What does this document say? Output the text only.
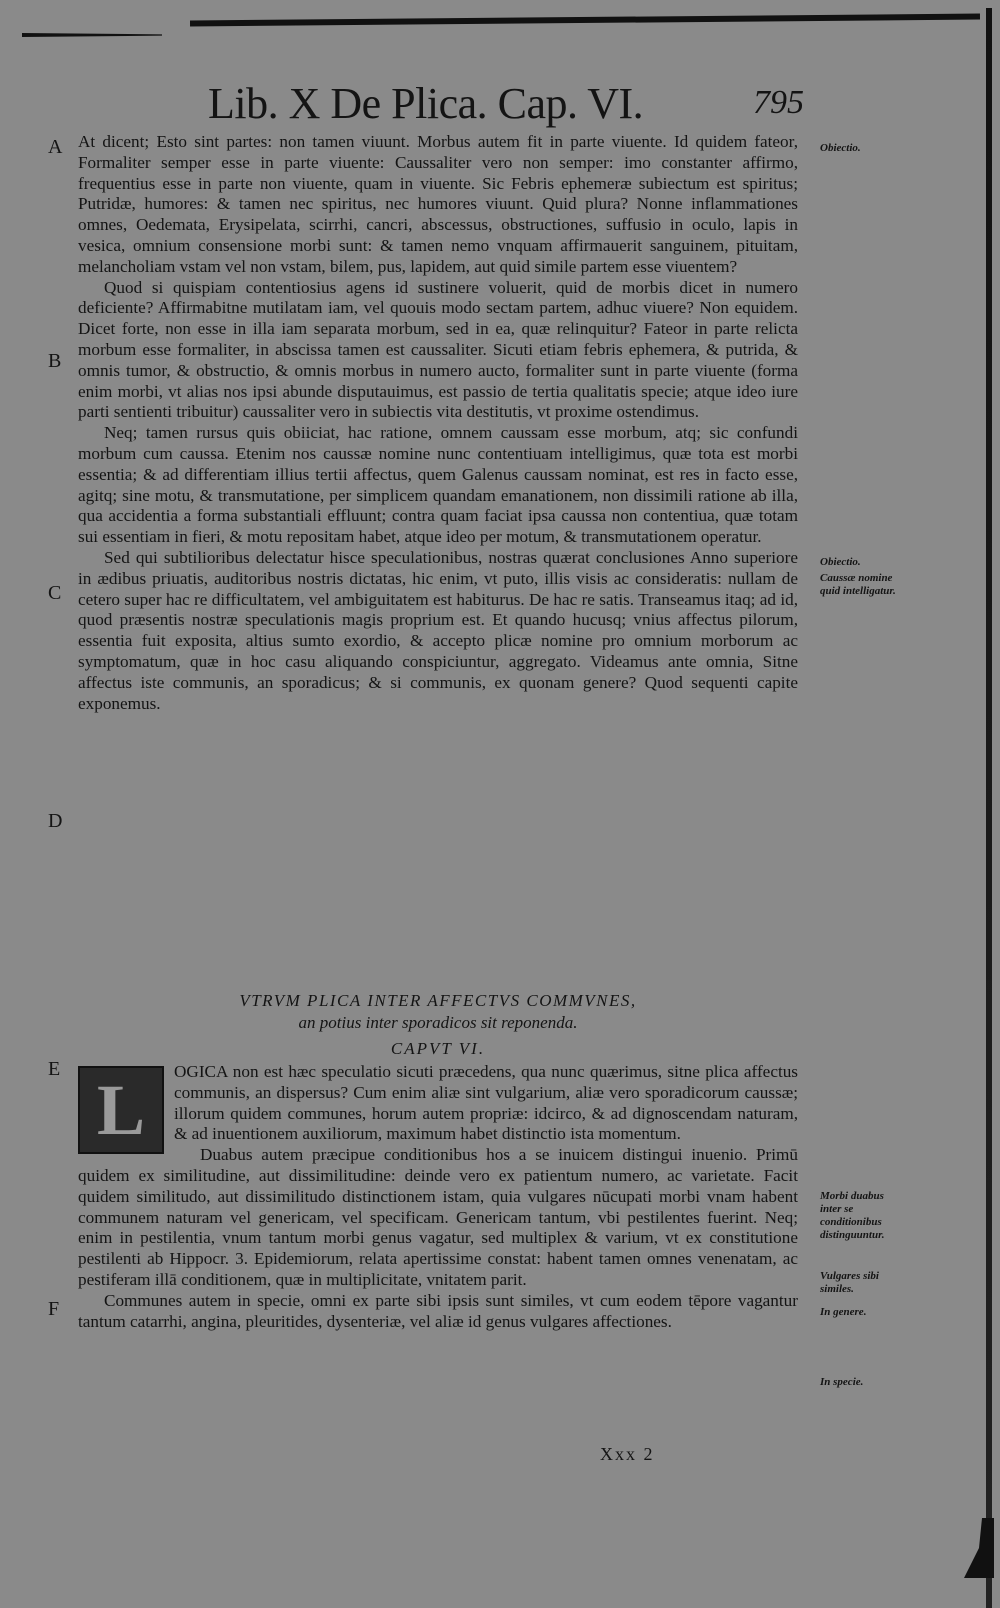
Lib. X De Plica. Cap. VI.	795
A
B
C
D
E
F
Obiectio.
Obiectio.
Caussæ nomine quid intelligatur.
Morbi duabus inter se conditionibus distinguuntur.
Vulgares sibi similes.
In genere.
In specie.

At dicent; Esto sint partes: non tamen viuunt. Morbus autem fit in parte viuente. Id quidem fateor, Formaliter semper esse in parte viuente: Caussaliter vero non semper: imo constanter affirmo, frequentius esse in parte non viuente, quam in viuente. Sic Febris ephemeræ subiectum est spiritus; Putridæ, humores: & tamen nec spiritus, nec humores viuunt. Quid plura? Nonne inflammationes omnes, Oedemata, Erysipelata, scirrhi, cancri, abscessus, obstructiones, suffusio in oculo, lapis in vesica, omnium consensione morbi sunt: & tamen nemo vnquam affirmauerit sanguinem, pituitam, melancholiam vstam vel non vstam, bilem, pus, lapidem, aut quid simile partem esse viuentem?

Quod si quispiam contentiosius agens id sustinere voluerit, quid de morbis dicet in numero deficiente? Affirmabitne mutilatam iam, vel quouis modo sectam partem, adhuc viuere? Non equidem. Dicet forte, non esse in illa iam separata morbum, sed in ea, quæ relinquitur? Fateor in parte relicta morbum esse formaliter, in abscissa tamen est caussaliter. Sicuti etiam febris ephemera, & putrida, & omnis tumor, & obstructio, & omnis morbus in numero aucto, formaliter sunt in parte viuente (forma enim morbi, vt alias nos ipsi abunde disputauimus, est passio de tertia qualitatis specie; atque ideo iure parti sentienti tribuitur) caussaliter vero in subiectis vita destitutis, vt proxime ostendimus.

Neq; tamen rursus quis obiiciat, hac ratione, omnem caussam esse morbum, atq; sic confundi morbum cum caussa. Etenim nos caussæ nomine nunc contentiuam intelligimus, quæ tota est morbi essentia; & ad differentiam illius tertii affectus, quem Galenus caussam nominat, est res in facto esse, agitq; sine motu, & transmutatione, per simplicem quandam emanationem, non dissimili ratione ab illa, qua accidentia a forma substantiali effluunt; contra quam faciat ipsa caussa non contentiua, quæ totam sui essentiam in fieri, & motu repositam habet, atque ideo per motum, & transmutationem operatur.

Sed qui subtilioribus delectatur hisce speculationibus, nostras quærat conclusiones Anno superiore in ædibus priuatis, auditoribus nostris dictatas, hic enim, vt puto, illis visis ac consideratis: nullam de cetero super hac re difficultatem, vel ambiguitatem est habiturus. De hac re satis. Transeamus itaq; ad id, quod præsentis nostræ speculationis magis proprium est. Et quando hucusq; vnius affectus pilorum, essentia fuit exposita, altius sumto exordio, & accepto plicæ nomine pro omnium morborum ac symptomatum, quæ in hoc casu aliquando conspiciuntur, aggregato. Videamus ante omnia, Sitne affectus iste communis, an sporadicus; & si communis, ex quonam genere? Quod sequenti capite exponemus.

VTRVM PLICA INTER AFFECTVS COMMVNES,
an potius inter sporadicos sit reponenda.
CAPVT VI.
L	OGICA non est hæc speculatio sicuti præcedens, qua nunc quærimus, sitne plica affectus communis, an dispersus? Cum enim aliæ sint vulgarium, aliæ vero sporadicorum caussæ; illorum quidem communes, horum autem propriæ: idcirco, & ad dignoscendam naturam, & ad inuentionem auxiliorum, maximum habet distinctio ista momentum.

Duabus autem præcipue conditionibus hos a se inuicem distingui inuenio. Primū quidem ex similitudine, aut dissimilitudine: deinde vero ex patientum numero, ac varietate. Facit quidem similitudo, aut dissimilitudo distinctionem istam, quia vulgares nūcupati morbi vnam habent communem naturam vel genericam, vel specificam. Genericam tantum, vbi pestilentes fuerint. Neq; enim in pestilentia, vnum tantum morbi genus vagatur, sed multiplex & varium, vt ex constitutione pestilenti ab Hippocr. 3. Epidemiorum, relata apertissime constat: habent tamen omnes venenatam, ac pestiferam illā conditionem, quæ in multiplicitate, vnitatem parit.

Communes autem in specie, omni ex parte sibi ipsis sunt similes, vt cum eodem tēpore vagantur tantum catarrhi, angina, pleuritides, dysenteriæ, vel aliæ id genus vulgares affectiones.

Xxx 2
